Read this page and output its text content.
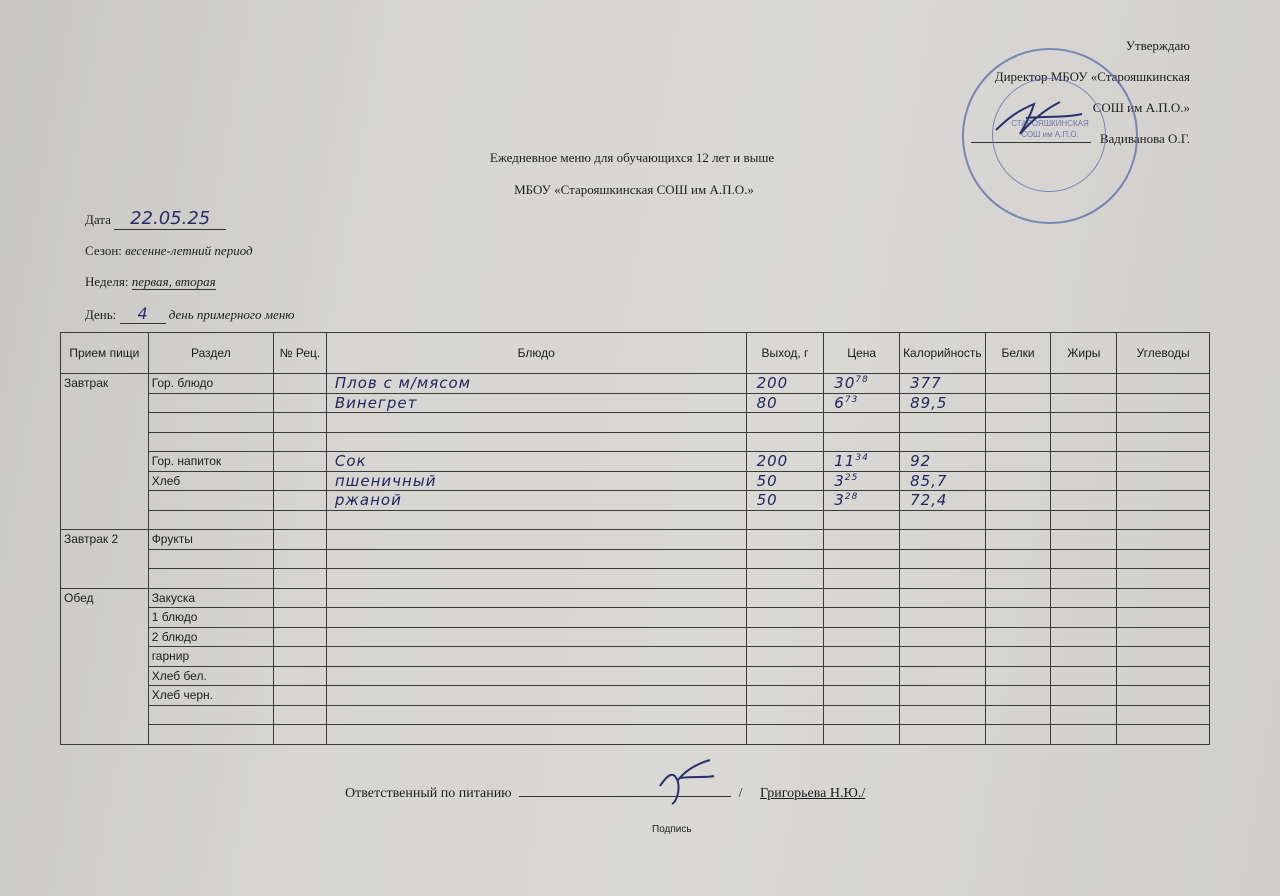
Утверждаю
Директор МБОУ «Старояшкинская
СОШ им А.П.О.»
Вадиванова О.Г.
СТАРОЯШКИНСКАЯ СОШ им А.П.О.
Ежедневное меню для обучающихся 12 лет и выше
МБОУ «Старояшкинская СОШ им А.П.О.»
Дата 22.05.25
Сезон: весенне-летний период
Неделя: первая, вторая
День: 4 день примерного меню
Прием пищи	Раздел	№ Рец.	Блюдо	Выход, г	Цена	Калорийность	Белки	Жиры	Углеводы
Завтрак	Гор. блюдо		Плов с м/мясом	200	$30^{78}$	377			
			Винегрет	80	$6^{73}$	89,5			

	Гор. напиток		Сок	200	$11^{34}$	92			
	Хлеб		пшеничный	50	$3^{25}$	85,7			
			ржаной	50	$3^{28}$	72,4			

Завтрак 2	Фрукты								

Обед	Закуска								
	1 блюдо								
	2 блюдо								
	гарнир								
	Хлеб бел.								
	Хлеб черн.								

Ответственный по питанию	/ Григорьева Н.Ю./
Подпись
